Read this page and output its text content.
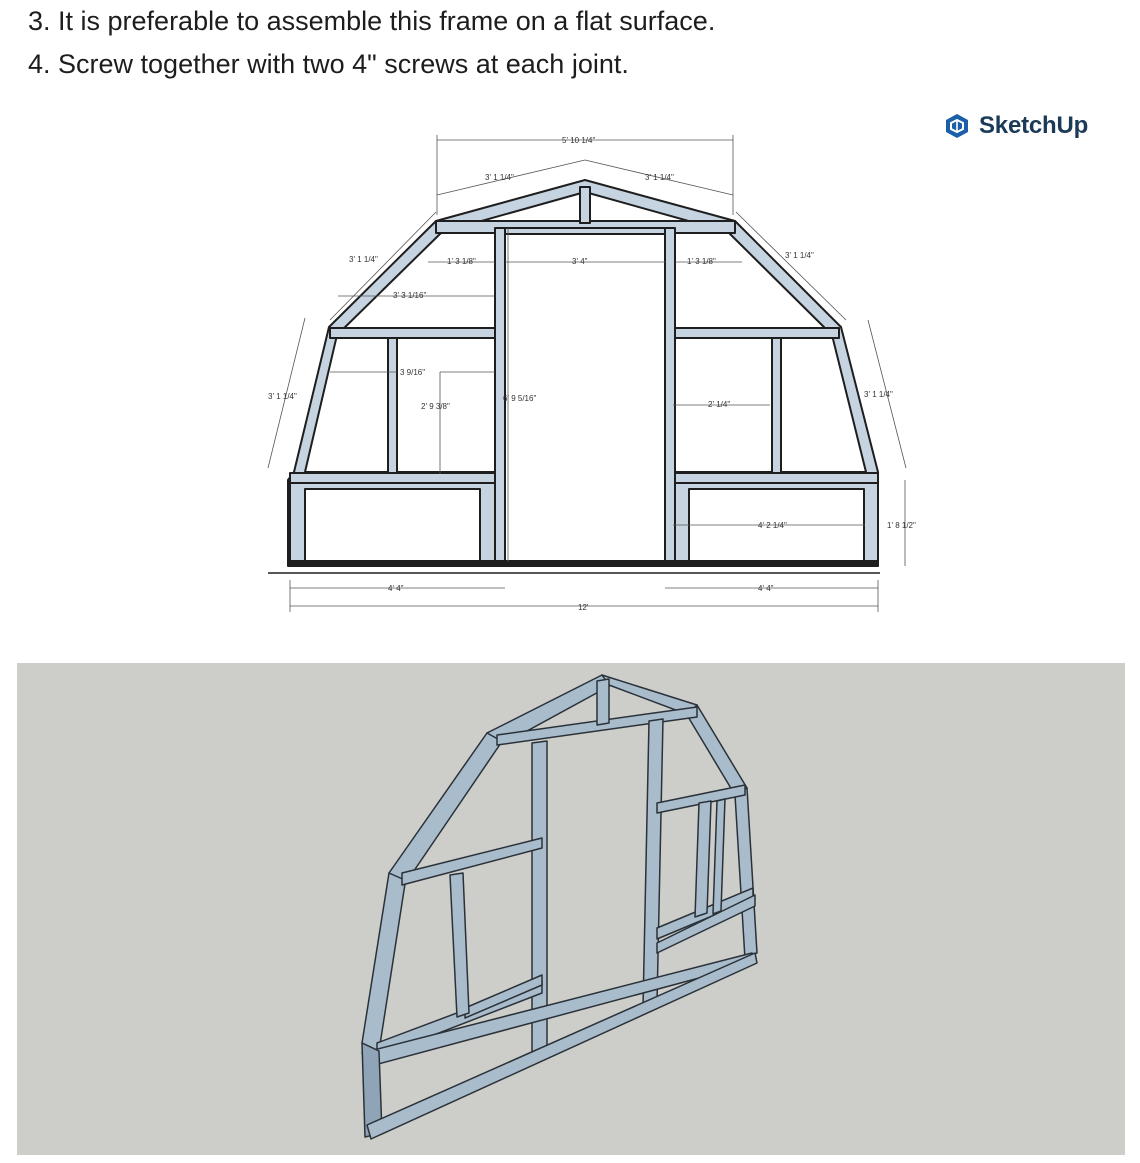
3. It is preferable to assemble this frame on a flat surface.
4. Screw together with two 4" screws at each joint.
SketchUp
5' 10 1/4"
3' 1 1/4"	3' 1 1/4"
3' 1 1/4"	3' 1 1/4"
1' 3 1/8"	3' 4"	1' 3 1/8"
3' 3 1/16"
3 9/16"
3' 1 1/4"
2' 9 3/8"
6' 9 5/16"
2' 1/4"
3' 1 1/4"
4' 2 1/4"	1' 8 1/2"
4' 4"	4' 4"
12'
